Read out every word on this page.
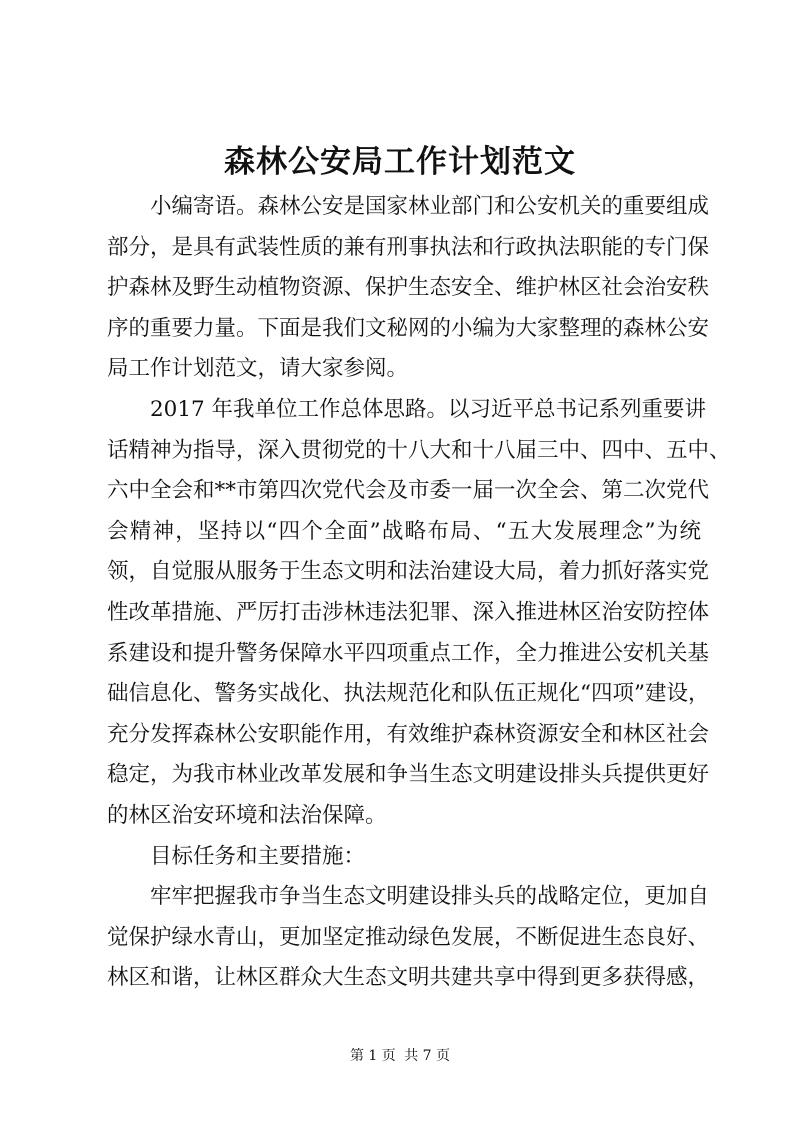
森林公安局工作计划范文
小编寄语。森林公安是国家林业部门和公安机关的重要组成
部分，是具有武装性质的兼有刑事执法和行政执法职能的专门保
护森林及野生动植物资源、保护生态安全、维护林区社会治安秩
序的重要力量。下面是我们文秘网的小编为大家整理的森林公安
局工作计划范文，请大家参阅。
2017 年我单位工作总体思路。以习近平总书记系列重要讲
话精神为指导，深入贯彻党的十八大和十八届三中、四中、五中、
六中全会和**市第四次党代会及市委一届一次全会、第二次党代
会精神，坚持以“四个全面”战略布局、“五大发展理念”为统
领，自觉服从服务于生态文明和法治建设大局，着力抓好落实党
性改革措施、严厉打击涉林违法犯罪、深入推进林区治安防控体
系建设和提升警务保障水平四项重点工作，全力推进公安机关基
础信息化、警务实战化、执法规范化和队伍正规化“四项”建设，
充分发挥森林公安职能作用，有效维护森林资源安全和林区社会
稳定，为我市林业改革发展和争当生态文明建设排头兵提供更好
的林区治安环境和法治保障。
目标任务和主要措施：
牢牢把握我市争当生态文明建设排头兵的战略定位，更加自
觉保护绿水青山，更加坚定推动绿色发展，不断促进生态良好、
林区和谐，让林区群众大生态文明共建共享中得到更多获得感，
第 1 页 共 7 页
